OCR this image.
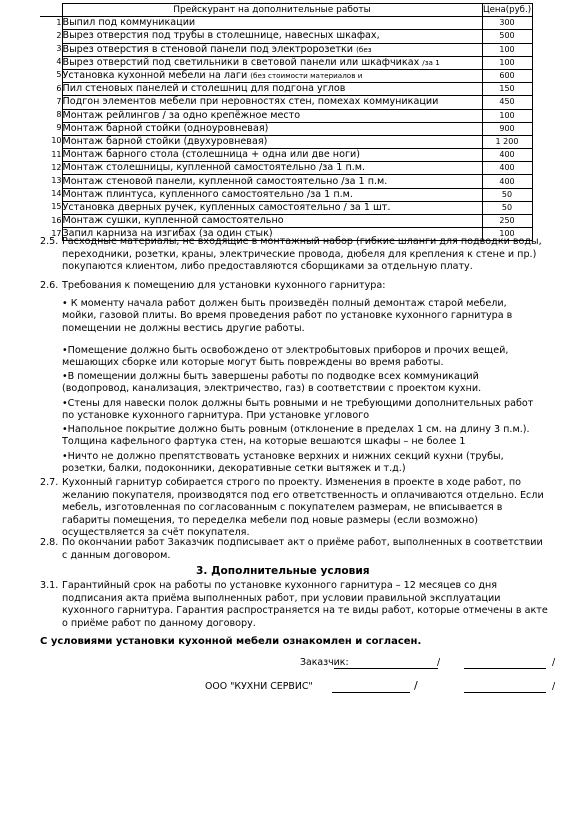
	Прейскурант на дополнительные работы	Цена(руб.)
1	Выпил под коммуникации	300
2	Вырез отверстия под трубы в столешнице, навесных шкафах,	500
3	Вырез отверстия в стеновой панели под электророзетки (без	100
4	Вырез отверстий под светильники в световой панели или шкафчиках /за 1	100
5	Установка кухонной мебели на лаги (без стоимости материалов и	600
6	Пил стеновых панелей и столешниц для подгона углов	150
7	Подгон элементов мебели при неровностях стен, помехах коммуникации	450
8	Монтаж рейлингов / за одно крепёжное место	100
9	Монтаж барной стойки (одноуровневая)	900
10	Монтаж барной стойки (двухуровневая)	1 200
11	Монтаж барного стола (столешница + одна или две ноги)	400
12	Монтаж столешницы, купленной самостоятельно /за 1 п.м.	400
13	Монтаж стеновой панели, купленной самостоятельно /за 1 п.м.	400
14	Монтаж плинтуса, купленного самостоятельно /за 1 п.м.	50
15	Установка дверных ручек, купленных самостоятельно / за 1 шт.	50
16	Монтаж сушки, купленной самостоятельно	250
17	Запил карниза на изгибах (за один стык)	100
2.5. Расходные материалы, не входящие в монтажный набор (гибкие шланги для подводки воды, переходники, розетки, краны, электрические провода, дюбеля для крепления к стене и пр.) покупаются клиентом, либо предоставляются сборщиками за отдельную плату.
2.6. Требования к помещению для установки кухонного гарнитура:
• К моменту начала работ должен быть произведён полный демонтаж старой мебели, мойки, газовой плиты. Во время проведения работ по установке кухонного гарнитура в помещении не должны вестись другие работы.
•Помещение должно быть освобождено от электробытовых приборов и прочих вещей, мешающих сборке или которые могут быть повреждены во время работы.
•В помещении должны быть завершены работы по подводке всех коммуникаций (водопровод, канализация, электричество, газ) в соответствии с проектом кухни.
•Стены для навески полок должны быть ровными и не требующими дополнительных работ по установке кухонного гарнитура. При установке углового
•Напольное покрытие должно быть ровным (отклонение в пределах 1 см. на длину 3 п.м.). Толщина кафельного фартука стен, на которые вешаются шкафы – не более 1
•Ничто не должно препятствовать установке верхних и нижних секций кухни (трубы, розетки, балки, подоконники, декоративные сетки вытяжек и т.д.)
2.7. Кухонный гарнитур собирается строго по проекту. Изменения в проекте в ходе работ, по желанию покупателя, производятся под его ответственность и оплачиваются отдельно. Если мебель, изготовленная по согласованным с покупателем размерам, не вписывается в габариты помещения, то переделка мебели под новые размеры (если возможно) осуществляется за счёт покупателя.
2.8. По окончании работ Заказчик подписывает акт о приёме работ, выполненных в соответствии с данным договором.
3. Дополнительные условия
3.1. Гарантийный срок на работы по установке кухонного гарнитура – 12 месяцев со дня подписания акта приёма выполненных работ, при условии правильной эксплуатации кухонного гарнитура. Гарантия распространяется на те виды работ, которые отмечены в акте о приёме работ по данному договору.
С условиями установки кухонной мебели ознакомлен и согласен.
Заказчик:	/	/
ООО "КУХНИ СЕРВИС"	/	/
